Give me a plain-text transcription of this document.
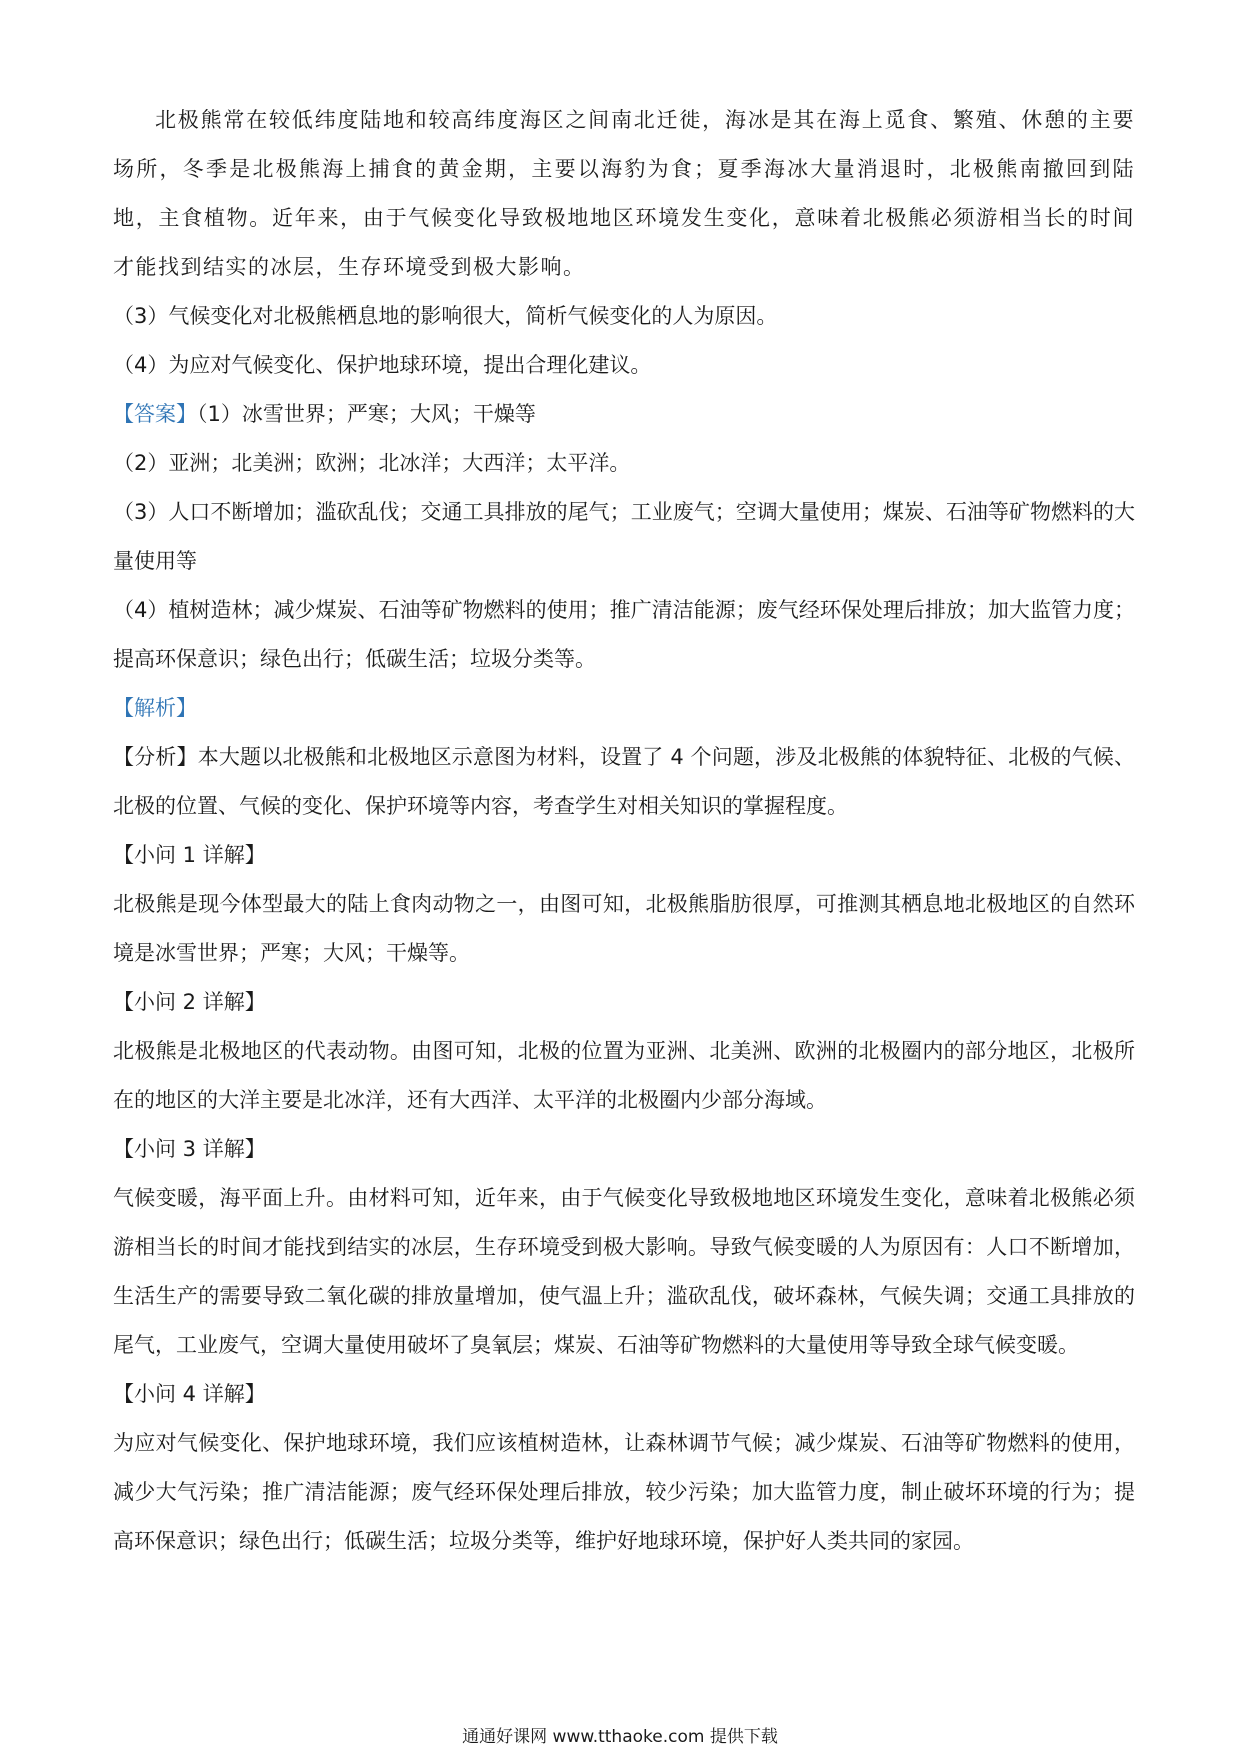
北极熊常在较低纬度陆地和较高纬度海区之间南北迁徙，海冰是其在海上觅食、繁殖、休憩的主要场所，冬季是北极熊海上捕食的黄金期，主要以海豹为食；夏季海冰大量消退时，北极熊南撤回到陆地，主食植物。近年来，由于气候变化导致极地地区环境发生变化，意味着北极熊必须游相当长的时间才能找到结实的冰层，生存环境受到极大影响。

（3）气候变化对北极熊栖息地的影响很大，简析气候变化的人为原因。

（4）为应对气候变化、保护地球环境，提出合理化建议。

【答案】（1）冰雪世界；严寒；大风；干燥等

（2）亚洲；北美洲；欧洲；北冰洋；大西洋；太平洋。

（3）人口不断增加；滥砍乱伐；交通工具排放的尾气；工业废气；空调大量使用；煤炭、石油等矿物燃料的大量使用等

（4）植树造林；减少煤炭、石油等矿物燃料的使用；推广清洁能源；废气经环保处理后排放；加大监管力度；提高环保意识；绿色出行；低碳生活；垃圾分类等。

【解析】

【分析】本大题以北极熊和北极地区示意图为材料，设置了 4 个问题，涉及北极熊的体貌特征、北极的气候、北极的位置、气候的变化、保护环境等内容，考查学生对相关知识的掌握程度。

【小问 1 详解】

北极熊是现今体型最大的陆上食肉动物之一，由图可知，北极熊脂肪很厚，可推测其栖息地北极地区的自然环境是冰雪世界；严寒；大风；干燥等。

【小问 2 详解】

北极熊是北极地区的代表动物。由图可知，北极的位置为亚洲、北美洲、欧洲的北极圈内的部分地区，北极所在的地区的大洋主要是北冰洋，还有大西洋、太平洋的北极圈内少部分海域。

【小问 3 详解】

气候变暖，海平面上升。由材料可知，近年来，由于气候变化导致极地地区环境发生变化，意味着北极熊必须游相当长的时间才能找到结实的冰层，生存环境受到极大影响。导致气候变暖的人为原因有：人口不断增加，生活生产的需要导致二氧化碳的排放量增加，使气温上升；滥砍乱伐，破坏森林，气候失调；交通工具排放的尾气，工业废气，空调大量使用破坏了臭氧层；煤炭、石油等矿物燃料的大量使用等导致全球气候变暖。

【小问 4 详解】

为应对气候变化、保护地球环境，我们应该植树造林，让森林调节气候；减少煤炭、石油等矿物燃料的使用，减少大气污染；推广清洁能源；废气经环保处理后排放，较少污染；加大监管力度，制止破坏环境的行为；提高环保意识；绿色出行；低碳生活；垃圾分类等，维护好地球环境，保护好人类共同的家园。

通通好课网 www.tthaoke.com 提供下载
